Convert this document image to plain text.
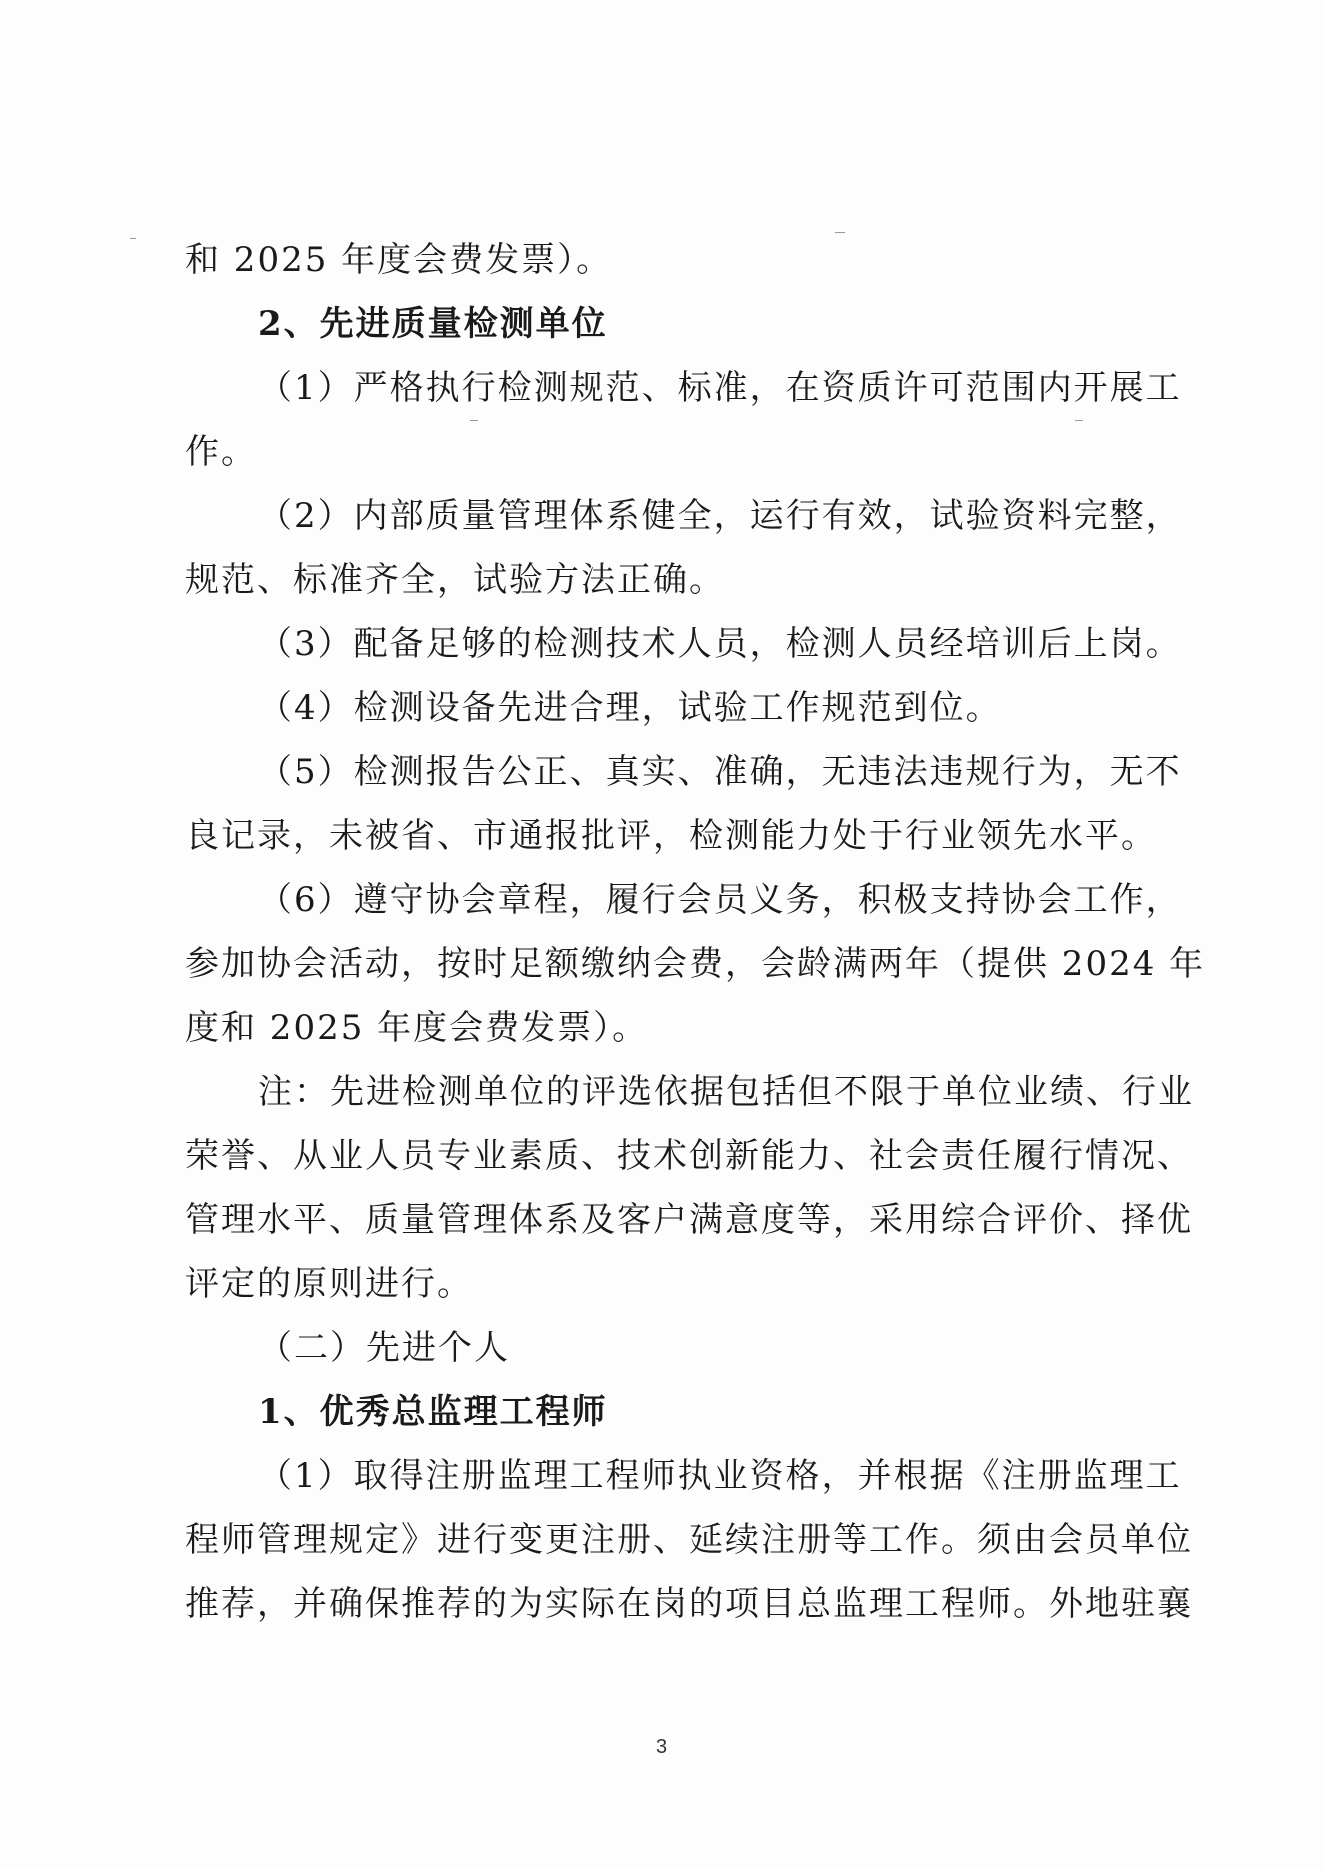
和 2025 年度会费发票）。
2、先进质量检测单位
（1）严格执行检测规范、标准，在资质许可范围内开展工
作。
（2）内部质量管理体系健全，运行有效，试验资料完整，
规范、标准齐全，试验方法正确。
（3）配备足够的检测技术人员，检测人员经培训后上岗。
（4）检测设备先进合理，试验工作规范到位。
（5）检测报告公正、真实、准确，无违法违规行为，无不
良记录，未被省、市通报批评，检测能力处于行业领先水平。
（6）遵守协会章程，履行会员义务，积极支持协会工作，
参加协会活动，按时足额缴纳会费，会龄满两年（提供 2024 年
度和 2025 年度会费发票）。
注：先进检测单位的评选依据包括但不限于单位业绩、行业
荣誉、从业人员专业素质、技术创新能力、社会责任履行情况、
管理水平、质量管理体系及客户满意度等，采用综合评价、择优
评定的原则进行。
（二）先进个人
1、优秀总监理工程师
（1）取得注册监理工程师执业资格，并根据《注册监理工
程师管理规定》进行变更注册、延续注册等工作。须由会员单位
推荐，并确保推荐的为实际在岗的项目总监理工程师。外地驻襄
3
